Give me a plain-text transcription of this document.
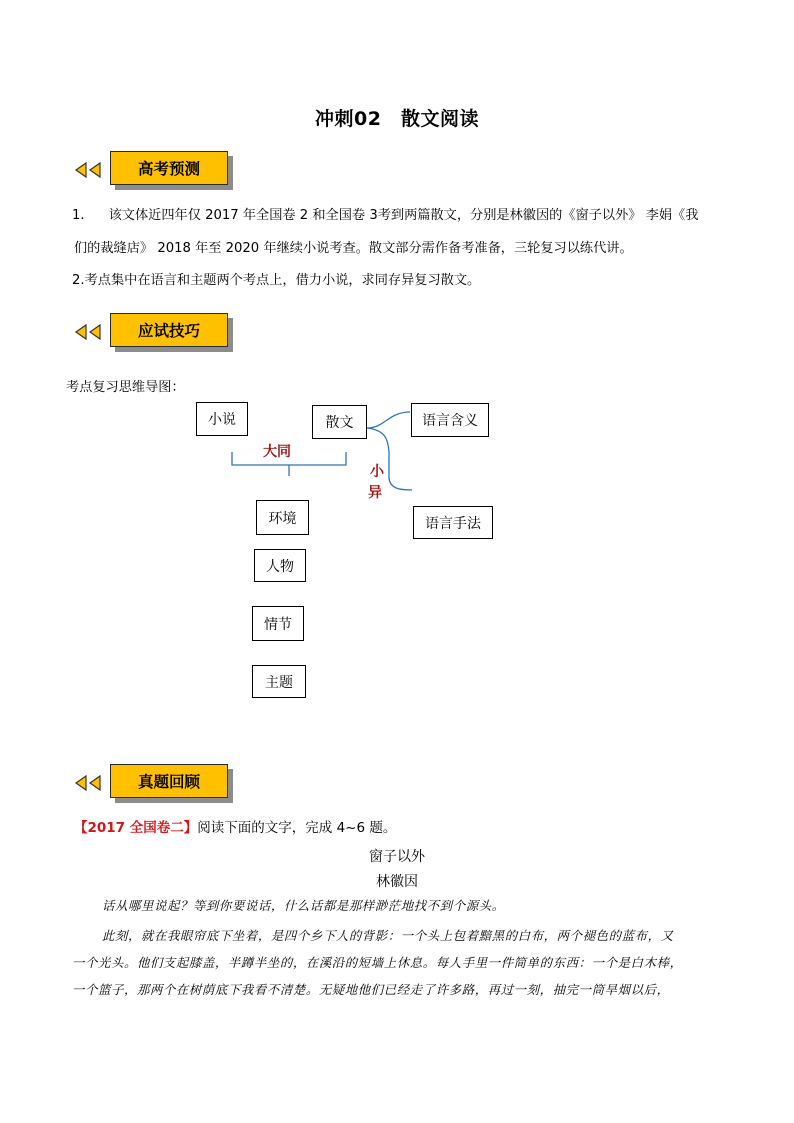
冲刺02　散文阅读
高考预测
1. 该文体近四年仅 2017 年全国卷 2 和全国卷 3考到两篇散文，分别是林徽因的《窗子以外》 李娟《我
们的裁缝店》 2018 年至 2020 年继续小说考查。散文部分需作备考准备，三轮复习以练代讲。
2.考点集中在语言和主题两个考点上，借力小说，求同存异复习散文。
应试技巧
考点复习思维导图：
小说	散文
大同
小
异
语言含义
语言手法
环境
人物
情节
主题
真题回顾
【2017 全国卷二】阅读下面的文字，完成 4~6 题。
窗子以外
林徽因
话从哪里说起？等到你要说话，什么话都是那样渺茫地找不到个源头。
此刻，就在我眼帘底下坐着，是四个乡下人的背影：一个头上包着黯黑的白布，两个褪色的蓝布，又
一个光头。他们支起膝盖，半蹲半坐的，在溪沿的短墙上休息。每人手里一件简单的东西：一个是白木棒，
一个篮子，那两个在树荫底下我看不清楚。无疑地他们已经走了许多路，再过一刻，抽完一筒旱烟以后，
